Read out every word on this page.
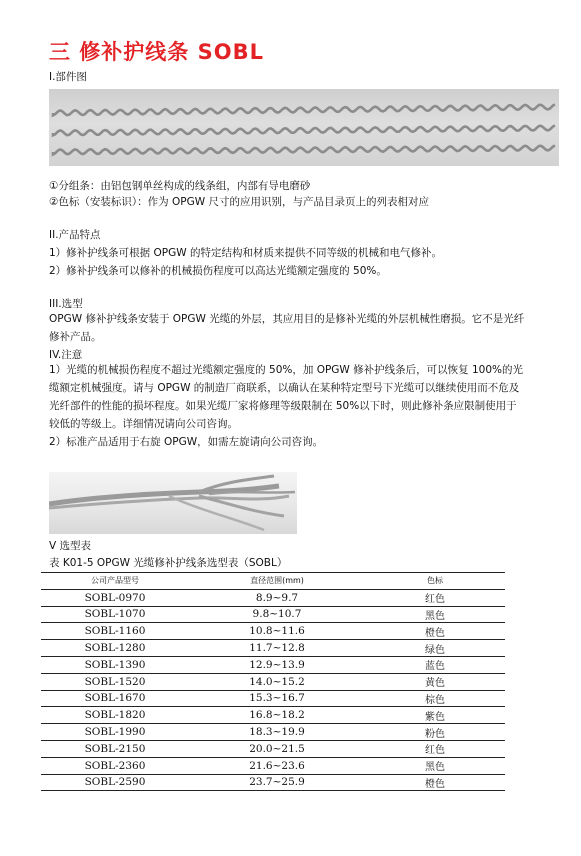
三 修补护线条 SOBL
I.部件图
①分组条：由铝包钢单丝构成的线条组，内部有导电磨砂
②色标（安装标识）：作为 OPGW 尺寸的应用识别，与产品目录页上的列表相对应
II.产品特点
1）修补护线条可根据 OPGW 的特定结构和材质来提供不同等级的机械和电气修补。
2）修补护线条可以修补的机械损伤程度可以高达光缆额定强度的 50%。
III.选型
OPGW 修补护线条安装于 OPGW 光缆的外层，其应用目的是修补光缆的外层机械性磨损。它不是光纤修补产品。
IV.注意
1）光缆的机械损伤程度不超过光缆额定强度的 50%，加 OPGW 修补护线条后，可以恢复 100%的光缆额定机械强度。请与 OPGW 的制造厂商联系，以确认在某种特定型号下光缆可以继续使用而不危及光纤部件的性能的损坏程度。如果光缆厂家将修理等级限制在 50%以下时，则此修补条应限制使用于较低的等级上。详细情况请向公司咨询。
2）标准产品适用于右旋 OPGW，如需左旋请向公司咨询。
V 选型表
表 K01-5 OPGW 光缆修补护线条选型表（SOBL）
公司产品型号	直径范围(mm)	色标
SOBL-0970	8.9~9.7	红色
SOBL-1070	9.8~10.7	黑色
SOBL-1160	10.8~11.6	橙色
SOBL-1280	11.7~12.8	绿色
SOBL-1390	12.9~13.9	蓝色
SOBL-1520	14.0~15.2	黄色
SOBL-1670	15.3~16.7	棕色
SOBL-1820	16.8~18.2	紫色
SOBL-1990	18.3~19.9	粉色
SOBL-2150	20.0~21.5	红色
SOBL-2360	21.6~23.6	黑色
SOBL-2590	23.7~25.9	橙色
